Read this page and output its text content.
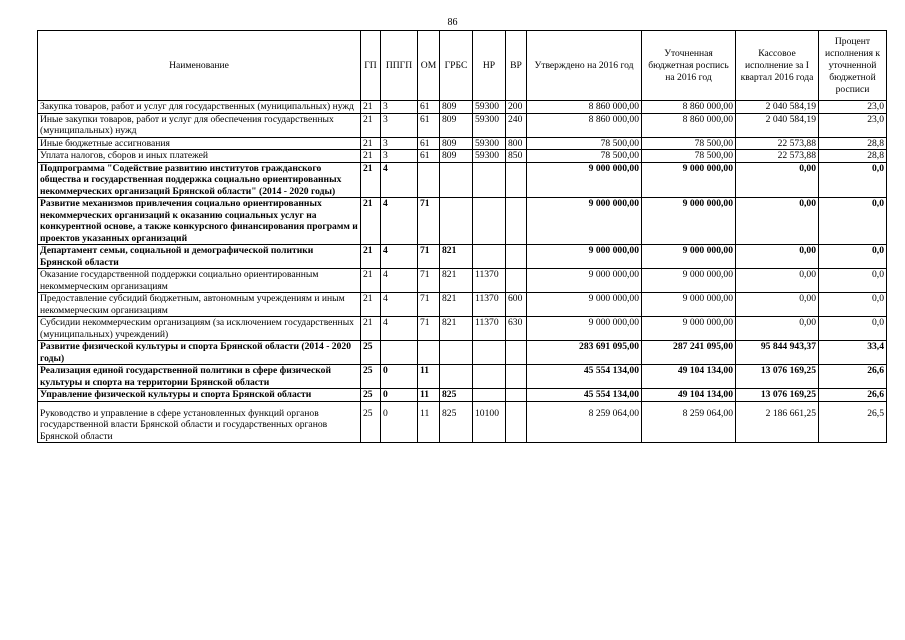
86
Наименование	ГП	ППГП	ОМ	ГРБС	НР	ВР	Утверждено на 2016 год	Уточненная бюджетная роспись на 2016 год	Кассовое исполнение за I квартал 2016 года	Процент исполнения к уточненной бюджетной росписи
Закупка товаров, работ и услуг для государственных (муниципальных) нужд	21	3	61	809	59300	200	8 860 000,00	8 860 000,00	2 040 584,19	23,0
Иные закупки товаров, работ и услуг для обеспечения государственных (муниципальных) нужд	21	3	61	809	59300	240	8 860 000,00	8 860 000,00	2 040 584,19	23,0
Иные бюджетные ассигнования	21	3	61	809	59300	800	78 500,00	78 500,00	22 573,88	28,8
Уплата налогов, сборов и иных платежей	21	3	61	809	59300	850	78 500,00	78 500,00	22 573,88	28,8
Подпрограмма "Содействие развитию институтов гражданского общества и государственная поддержка социально ориентированных некоммерческих организаций Брянской области" (2014 - 2020 годы)	21	4					9 000 000,00	9 000 000,00	0,00	0,0
Развитие механизмов привлечения социально ориентированных некоммерческих организаций к оказанию социальных услуг на конкурентной основе, а также конкурсного финансирования программ и проектов указанных организаций	21	4	71				9 000 000,00	9 000 000,00	0,00	0,0
Департамент семьи, социальной и демографической политики Брянской области	21	4	71	821			9 000 000,00	9 000 000,00	0,00	0,0
Оказание государственной поддержки социально ориентированным некоммерческим организациям	21	4	71	821	11370		9 000 000,00	9 000 000,00	0,00	0,0
Предоставление субсидий бюджетным, автономным учреждениям и иным некоммерческим организациям	21	4	71	821	11370	600	9 000 000,00	9 000 000,00	0,00	0,0
Субсидии некоммерческим организациям (за исключением государственных (муниципальных) учреждений)	21	4	71	821	11370	630	9 000 000,00	9 000 000,00	0,00	0,0
Развитие физической культуры и спорта Брянской области (2014 - 2020 годы)	25						283 691 095,00	287 241 095,00	95 844 943,37	33,4
Реализация единой государственной политики в сфере физической культуры и спорта на территории Брянской области	25	0	11				45 554 134,00	49 104 134,00	13 076 169,25	26,6
Управление физической культуры и спорта Брянской области	25	0	11	825			45 554 134,00	49 104 134,00	13 076 169,25	26,6
Руководство и управление в сфере установленных функций органов государственной власти Брянской области и государственных органов Брянской области	25	0	11	825	10100		8 259 064,00	8 259 064,00	2 186 661,25	26,5
